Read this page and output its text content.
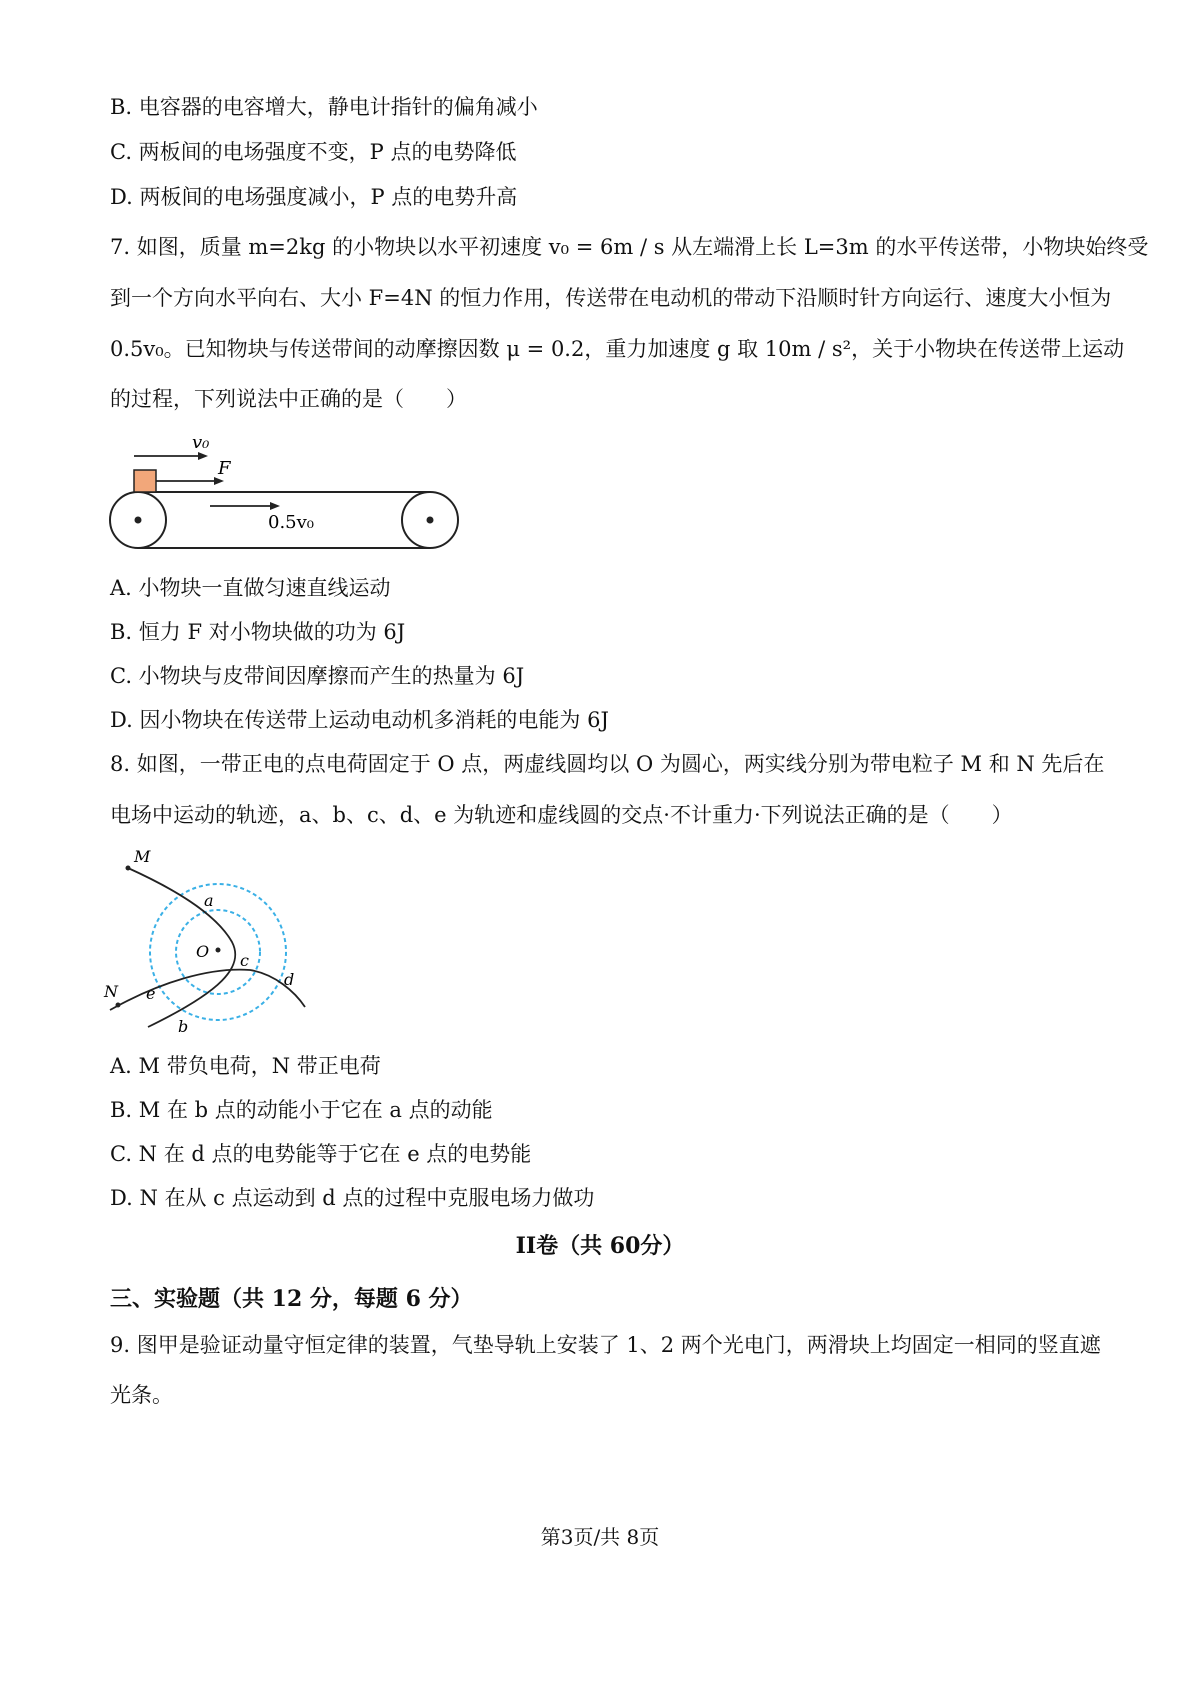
B. 电容器的电容增大，静电计指针的偏角减小
C. 两板间的电场强度不变，P 点的电势降低
D. 两板间的电场强度减小，P 点的电势升高
7. 如图，质量 m=2kg 的小物块以水平初速度 v₀ = 6m / s 从左端滑上长 L=3m 的水平传送带，小物块始终受
到一个方向水平向右、大小 F=4N 的恒力作用，传送带在电动机的带动下沿顺时针方向运行、速度大小恒为
0.5v₀。已知物块与传送带间的动摩擦因数 μ = 0.2，重力加速度 g 取 10m / s²，关于小物块在传送带上运动
的过程，下列说法中正确的是（　　）
v₀
F
0.5v₀
A. 小物块一直做匀速直线运动
B. 恒力 F 对小物块做的功为 6J
C. 小物块与皮带间因摩擦而产生的热量为 6J
D. 因小物块在传送带上运动电动机多消耗的电能为 6J
8. 如图，一带正电的点电荷固定于 O 点，两虚线圆均以 O 为圆心，两实线分别为带电粒子 M 和 N 先后在
电场中运动的轨迹，a、b、c、d、e 为轨迹和虚线圆的交点·不计重力·下列说法正确的是（　　）
O
M
a
b
N e
c
d
A. M 带负电荷，N 带正电荷
B. M 在 b 点的动能小于它在 a 点的动能
C. N 在 d 点的电势能等于它在 e 点的电势能
D. N 在从 c 点运动到 d 点的过程中克服电场力做功
II卷（共 60分）
三、实验题（共 12 分，每题 6 分）
9. 图甲是验证动量守恒定律的装置，气垫导轨上安装了 1、2 两个光电门，两滑块上均固定一相同的竖直遮
光条。
第3页/共 8页
